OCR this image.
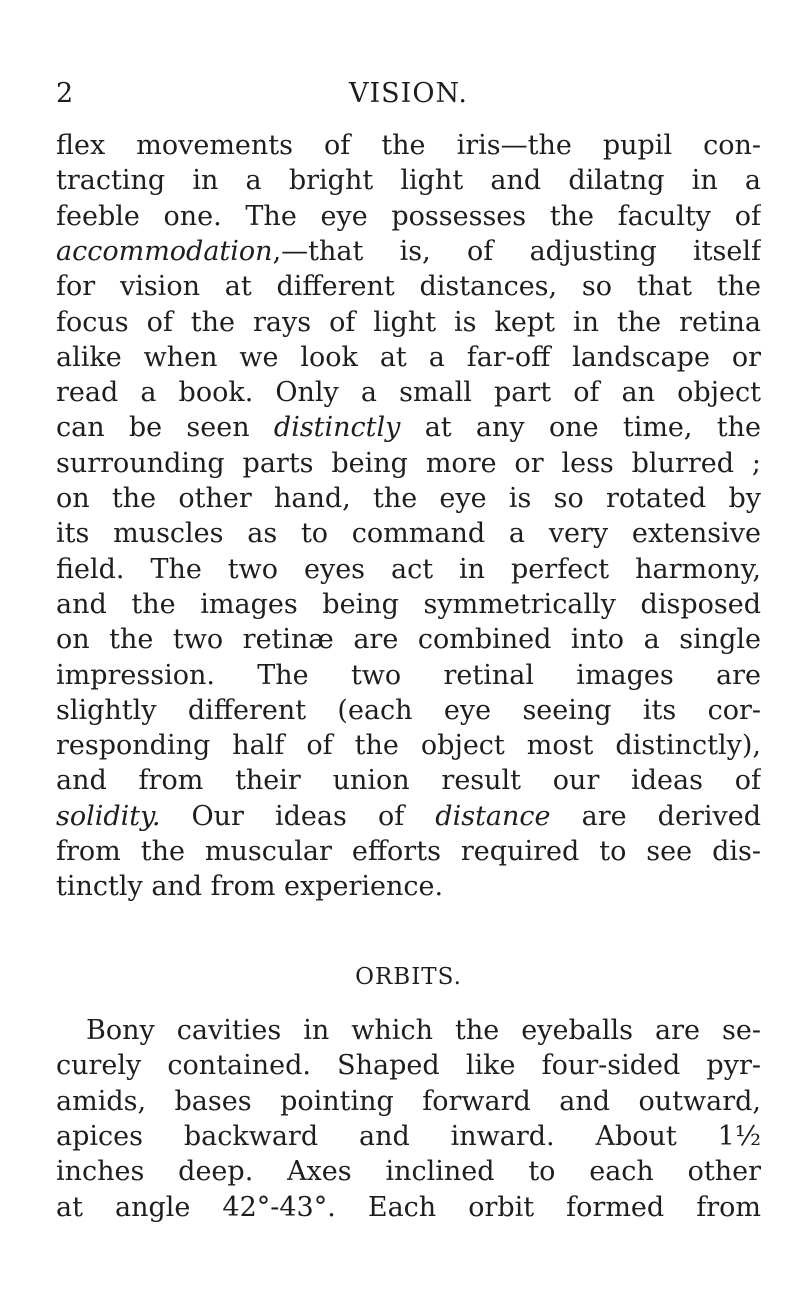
2	VISION.
flex movements of the iris—the pupil con-
tracting in a bright light and dilatng in a
feeble one. The eye possesses the faculty of
accommodation,—that is, of adjusting itself
for vision at different distances, so that the
focus of the rays of light is kept in the retina
alike when we look at a far-off landscape or
read a book. Only a small part of an object
can be seen distinctly at any one time, the
surrounding parts being more or less blurred ;
on the other hand, the eye is so rotated by
its muscles as to command a very extensive
field. The two eyes act in perfect harmony,
and the images being symmetrically disposed
on the two retinæ are combined into a single
impression. The two retinal images are
slightly different (each eye seeing its cor-
responding half of the object most distinctly),
and from their union result our ideas of
solidity. Our ideas of distance are derived
from the muscular efforts required to see dis-
tinctly and from experience.
ORBITS.
Bony cavities in which the eyeballs are se-
curely contained. Shaped like four-sided pyr-
amids, bases pointing forward and outward,
apices backward and inward. About 1½
inches deep. Axes inclined to each other
at angle 42°-43°. Each orbit formed from
